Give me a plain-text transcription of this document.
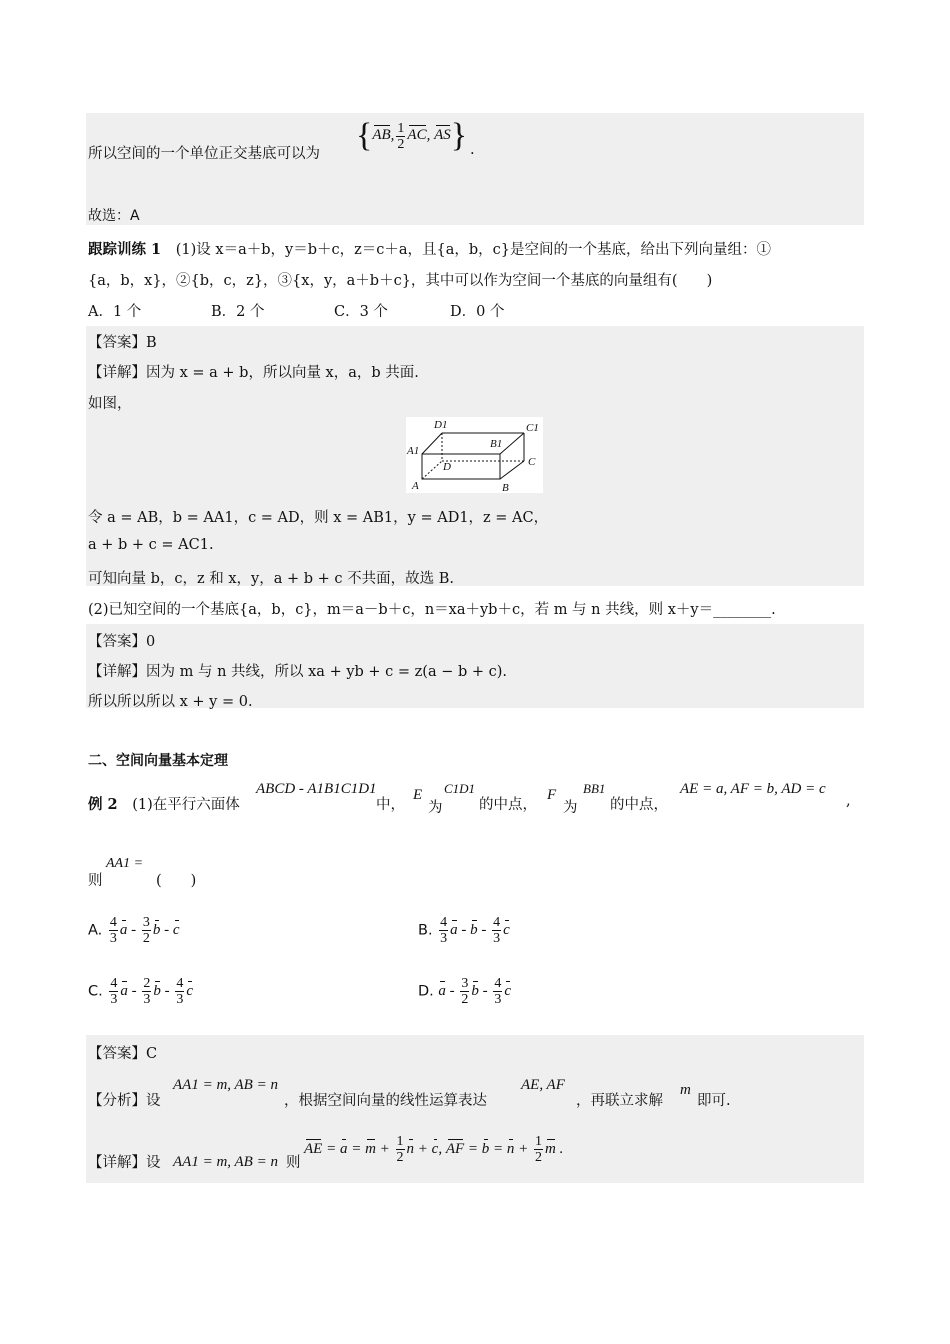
所以空间的一个单位正交基底可以为 {AB, $\frac{1}{2}$ AC, AS} .
故选：A
跟踪训练 1 (1)设 x＝a＋b，y＝b＋c，z＝c＋a，且{a，b，c}是空间的一个基底，给出下列向量组：①
{a，b，x}，②{b，c，z}，③{x，y，a＋b＋c}，其中可以作为空间一个基底的向量组有(　　)
A．1 个	B．2 个	C．3 个	D．0 个
【答案】B
【详解】因为 x = a + b，所以向量 x，a，b 共面.
如图，
D1	C1
B1
A1
D	C
A	B
令 a = AB，b = AA1，c = AD，则 x = AB1，y = AD1，z = AC，
a + b + c = AC1.
可知向量 b，c，z 和 x，y，a + b + c 不共面，故选 B.
(2)已知空间的一个基底{a，b，c}，m＝a－b＋c，n＝xa＋yb＋c，若 m 与 n 共线，则 x＋y＝________.
【答案】0
【详解】因为 m 与 n 共线，所以 xa + yb + c = z(a − b + c).
所以所以所以 x + y = 0.
二、空间向量基本定理
例 2 (1)在平行六面体
ABCD - A1B1C1D1
中，
E
为
C1D1
的中点，
F
为
BB1
的中点，
AE = a, AF = b, AD = c
,
则
AA1 =
(　　)
A. $\frac{4}{3}$ a - $\frac{3}{2}$ b - c	B. $\frac{4}{3}$ a - b - $\frac{4}{3}$ c
C. $\frac{4}{3}$ a - $\frac{2}{3}$ b - $\frac{4}{3}$ c	D. a - $\frac{3}{2}$ b - $\frac{4}{3}$ c
【答案】C
【分析】设
AA1 = m, AB = n
，根据空间向量的线性运算表达
AE, AF
，再联立求解
m
即可.
【详解】设 AA1 = m, AB = n 则
AE = $a = m + \frac{1}{2}$ n + c, AF = $b = n + \frac{1}{2}$ m .
